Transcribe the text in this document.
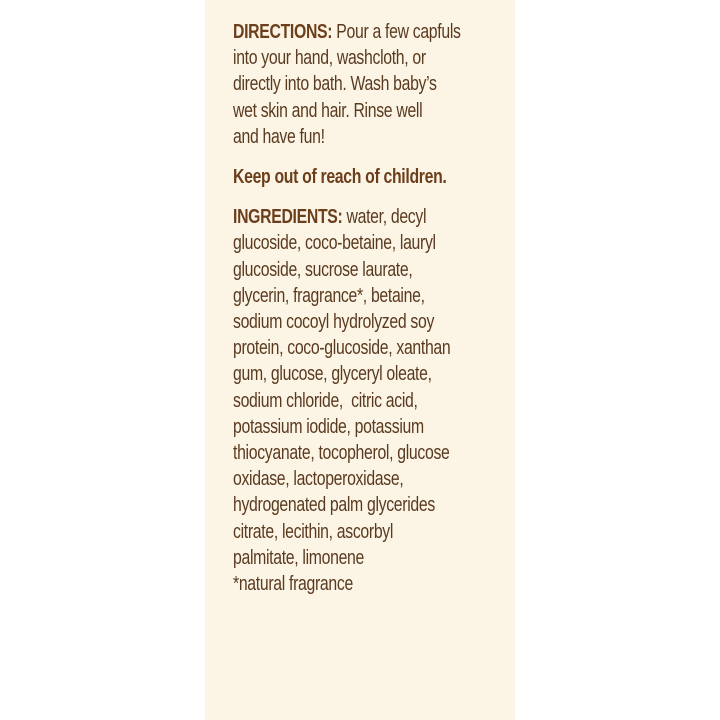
DIRECTIONS: Pour a few capfuls
into your hand, washcloth, or
directly into bath. Wash baby’s
wet skin and hair. Rinse well
and have fun!

Keep out of reach of children.

INGREDIENTS: water, decyl
glucoside, coco-betaine, lauryl
glucoside, sucrose laurate,
glycerin, fragrance*, betaine,
sodium cocoyl hydrolyzed soy
protein, coco-glucoside, xanthan
gum, glucose, glyceryl oleate,
sodium chloride,  citric acid,
potassium iodide, potassium
thiocyanate, tocopherol, glucose
oxidase, lactoperoxidase,
hydrogenated palm glycerides
citrate, lecithin, ascorbyl
palmitate, limonene
*natural fragrance
